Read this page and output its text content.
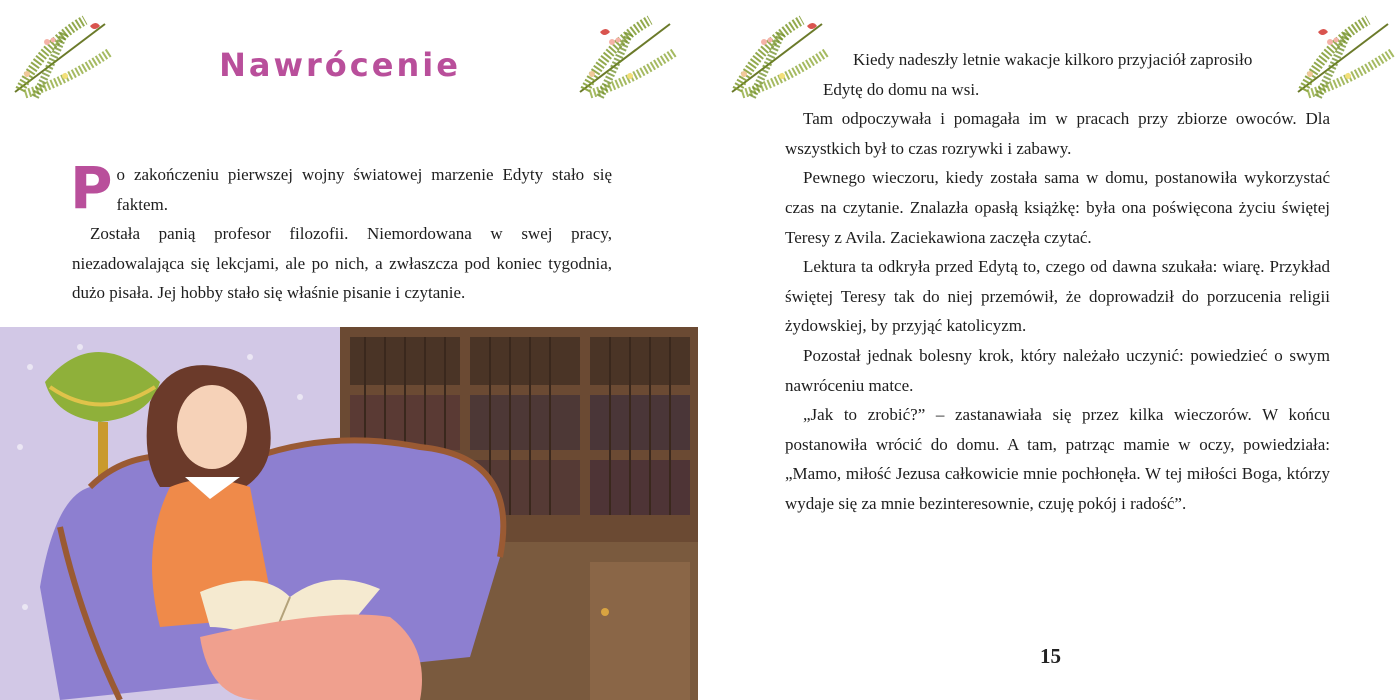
Nawrócenie

Po zakończeniu pierwszej wojny światowej marzenie Edyty stało się faktem.

Została panią profesor filozofii. Niemordowana w swej pracy, niezadowalająca się lekcjami, ale po nich, a zwłaszcza pod koniec tygodnia, dużo pisała. Jej hobby stało się właśnie pisanie i czytanie.

Kiedy nadeszły letnie wakacje kilkoro przyjaciół zaprosiło

Edytę do domu na wsi.

Tam odpoczywała i pomagała im w pracach przy zbiorze owoców. Dla wszystkich był to czas rozrywki i zabawy.

Pewnego wieczoru, kiedy została sama w domu, postanowiła wykorzystać czas na czytanie. Znalazła opasłą książkę: była ona poświęcona życiu świętej Teresy z Avila. Zaciekawiona zaczęła czytać.

Lektura ta odkryła przed Edytą to, czego od dawna szukała: wiarę. Przykład świętej Teresy tak do niej przemówił, że doprowadził do porzucenia religii żydowskiej, by przyjąć katolicyzm.

Pozostał jednak bolesny krok, który należało uczynić: powiedzieć o swym nawróceniu matce.

„Jak to zrobić?” – zastanawiała się przez kilka wieczorów. W końcu postanowiła wrócić do domu. A tam, patrząc mamie w oczy, powiedziała: „Mamo, miłość Jezusa całkowicie mnie pochłonęła. W tej miłości Boga, którzy wydaje się za mnie bezinteresownie, czuję pokój i radość”.

15
